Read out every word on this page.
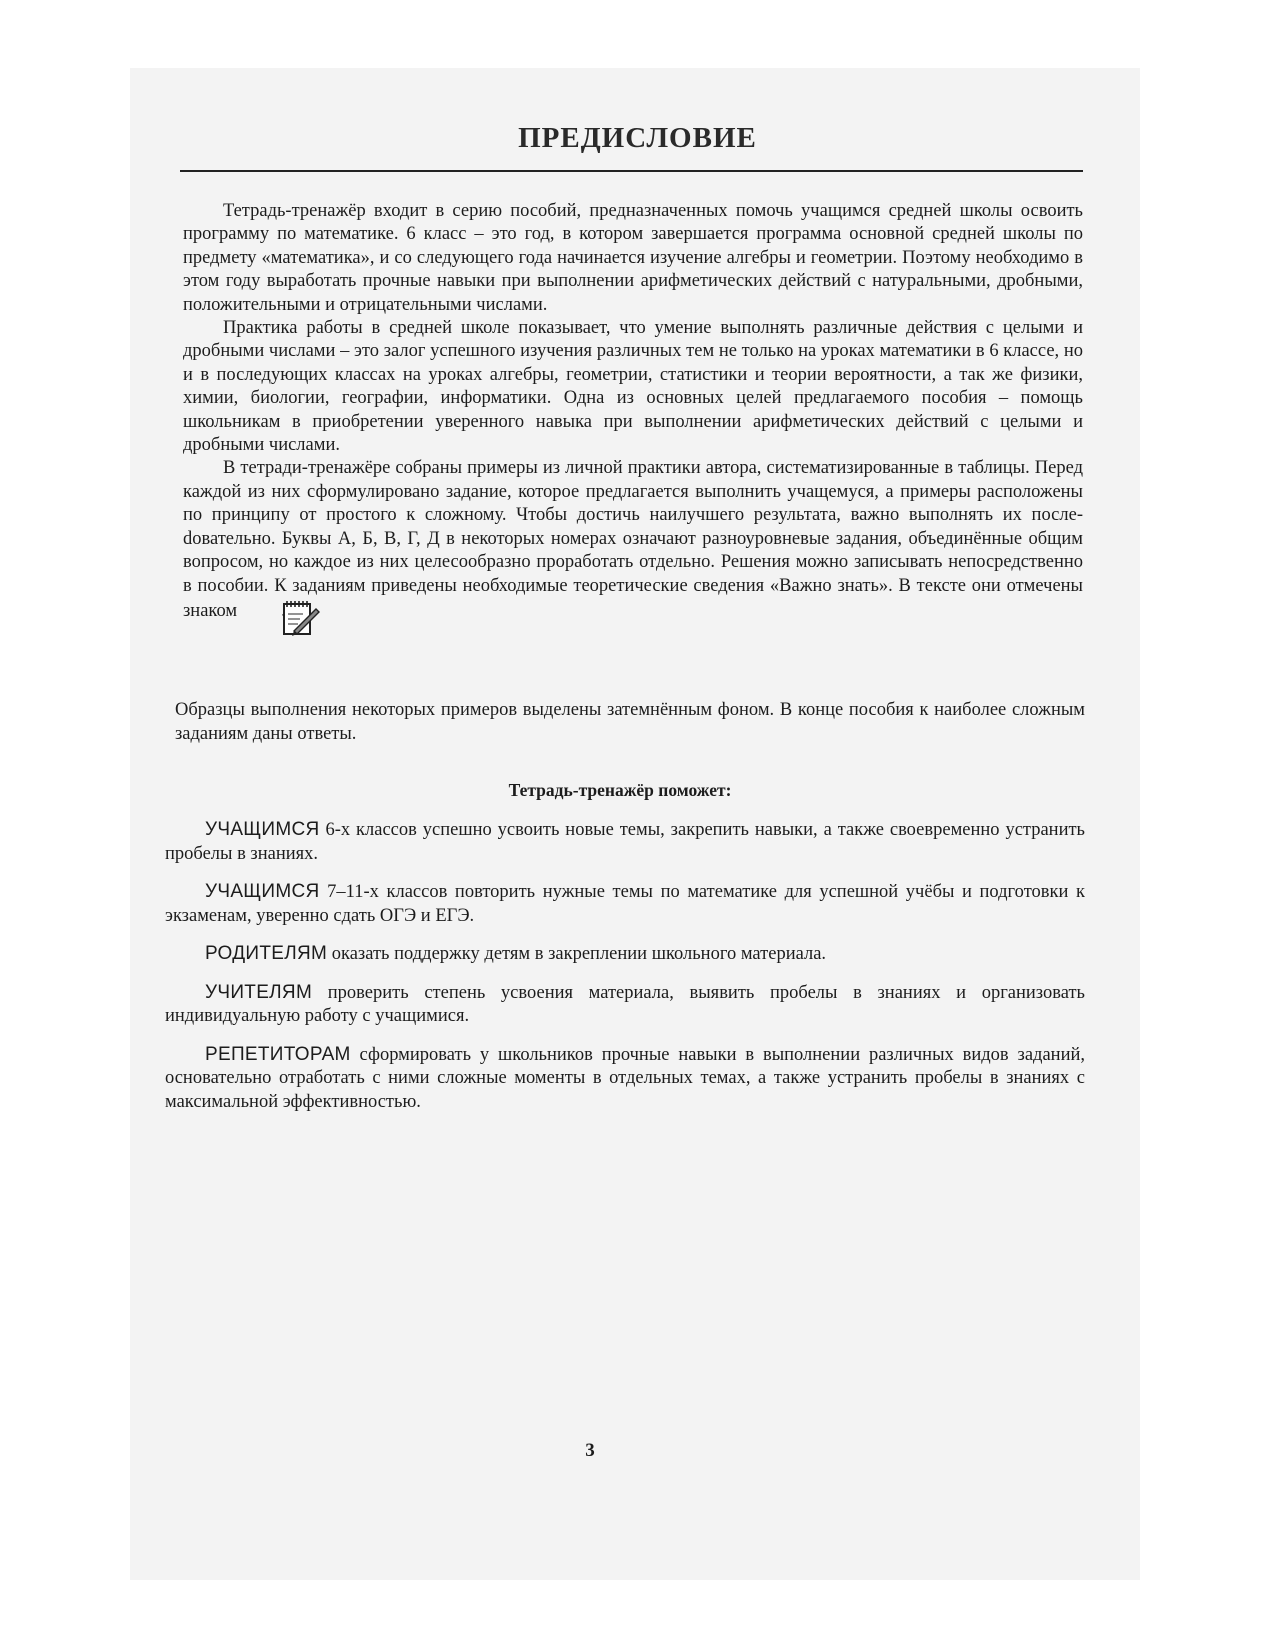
ПРЕДИСЛОВИЕ

Тетрадь-тренажёр входит в серию пособий, предназначенных помочь учащимся средней школы освоить программу по математике. 6 класс – это год, в котором завершается программа основной средней школы по предмету «математика», и со следующего года начинается изучение алгебры и геометрии. Поэтому необходимо в этом году выработать прочные навыки при выполнении арифметических действий с натуральными, дробными, положительными и отрицательными числами.

Практика работы в средней школе показывает, что умение выполнять различные действия с целыми и дробными числами – это залог успешного изучения различных тем не только на уроках математики в 6 классе, но и в последующих классах на уроках алгебры, геометрии, статистики и теории вероятности, а так же физики, химии, биологии, географии, информатики. Одна из основных целей предлагаемого пособия – помощь школьникам в приобретении уверенного навыка при выполнении арифметических действий с целыми и дробными числами.

В тетради-тренажёре собраны примеры из личной практики автора, систематизированные в таблицы. Перед каждой из них сформулировано задание, которое предлагается выполнить учащемуся, а примеры расположены по принципу от простого к сложному. Чтобы достичь наилучшего результата, важно выполнять их послеdовательно. Буквы А, Б, В, Г, Д в некоторых номерах означают разноуровневые задания, объединённые общим вопросом, но каждое из них целесообразно проработать отдельно. Решения можно записывать непосредственно в пособии. К заданиям приведены необходимые теоретические сведения «Важно знать». В тексте они отмечены знаком .

Образцы выполнения некоторых примеров выделены затемнённым фоном. В конце пособия к наиболее сложным заданиям даны ответы.

Тетрадь-тренажёр поможет:

УЧАЩИМСЯ 6-х классов успешно усвоить новые темы, закрепить навыки, а также своевременно устранить пробелы в знаниях.

УЧАЩИМСЯ 7–11-х классов повторить нужные темы по математике для успешной учёбы и подготовки к экзаменам, уверенно сдать ОГЭ и ЕГЭ.

РОДИТЕЛЯМ оказать поддержку детям в закреплении школьного материала.

УЧИТЕЛЯМ проверить степень усвоения материала, выявить пробелы в знаниях и организовать индивидуальную работу с учащимися.

РЕПЕТИТОРАМ сформировать у школьников прочные навыки в выполнении различных видов заданий, основательно отработать с ними сложные моменты в отдельных темах, а также устранить пробелы в знаниях с максимальной эффективностью.

3
